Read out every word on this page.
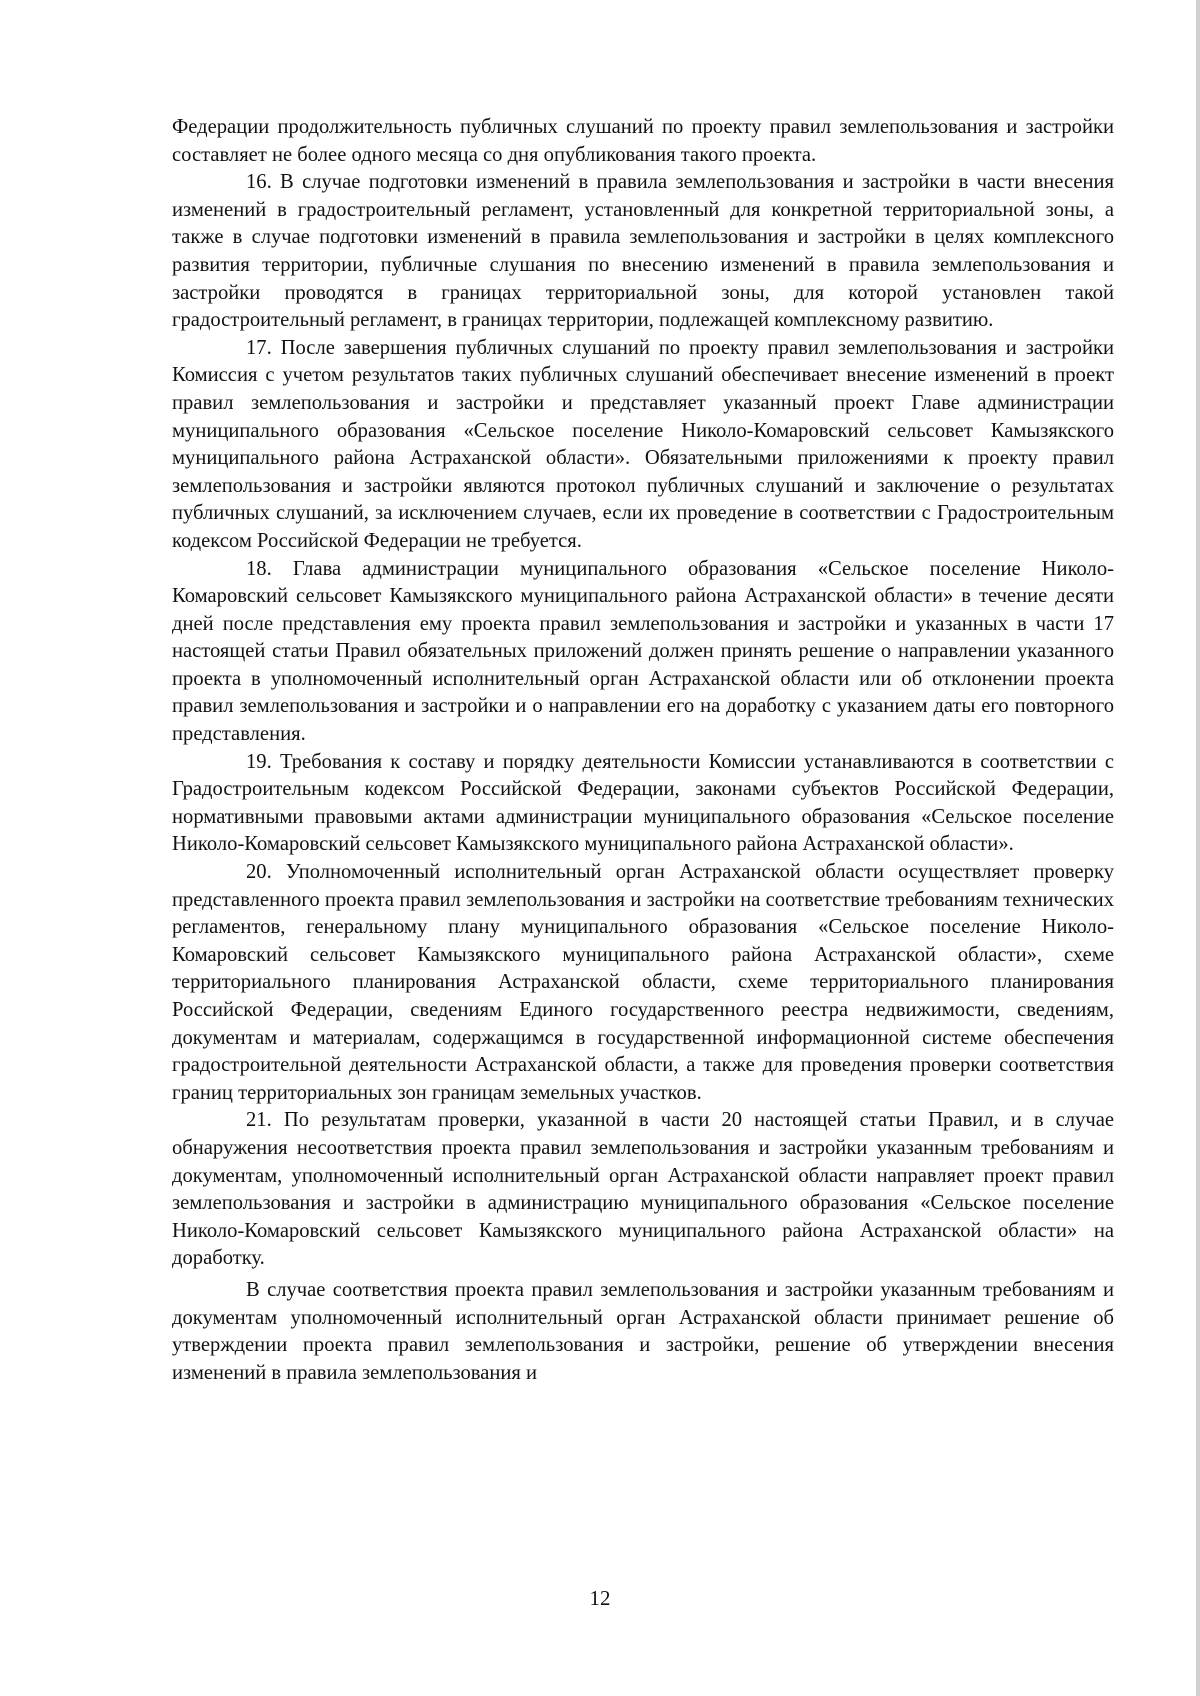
Федерации продолжительность публичных слушаний по проекту правил землепользования и застройки составляет не более одного месяца со дня опубликования такого проекта.

16. В случае подготовки изменений в правила землепользования и застройки в части внесения изменений в градостроительный регламент, установленный для конкретной территориальной зоны, а также в случае подготовки изменений в правила землепользования и застройки в целях комплексного развития территории, публичные слушания по внесению изменений в правила землепользования и застройки проводятся в границах территориальной зоны, для которой установлен такой градостроительный регламент, в границах территории, подлежащей комплексному развитию.

17. После завершения публичных слушаний по проекту правил землепользования и застройки Комиссия с учетом результатов таких публичных слушаний обеспечивает внесение изменений в проект правил землепользования и застройки и представляет указанный проект Главе администрации муниципального образования «Сельское поселение Николо-Комаровский сельсовет Камызякского муниципального района Астраханской области». Обязательными приложениями к проекту правил землепользования и застройки являются протокол публичных слушаний и заключение о результатах публичных слушаний, за исключением случаев, если их проведение в соответствии с Градостроительным кодексом Российской Федерации не требуется.

18. Глава администрации муниципального образования «Сельское поселение Николо-Комаровский сельсовет Камызякского муниципального района Астраханской области» в течение десяти дней после представления ему проекта правил землепользования и застройки и указанных в части 17 настоящей статьи Правил обязательных приложений должен принять решение о направлении указанного проекта в уполномоченный исполнительный орган Астраханской области или об отклонении проекта правил землепользования и застройки и о направлении его на доработку с указанием даты его повторного представления.

19. Требования к составу и порядку деятельности Комиссии устанавливаются в соответствии с Градостроительным кодексом Российской Федерации, законами субъектов Российской Федерации, нормативными правовыми актами администрации муниципального образования «Сельское поселение Николо-Комаровский сельсовет Камызякского муниципального района Астраханской области».

20. Уполномоченный исполнительный орган Астраханской области осуществляет проверку представленного проекта правил землепользования и застройки на соответствие требованиям технических регламентов, генеральному плану муниципального образования «Сельское поселение Николо-Комаровский сельсовет Камызякского муниципального района Астраханской области», схеме территориального планирования Астраханской области, схеме территориального планирования Российской Федерации, сведениям Единого государственного реестра недвижимости, сведениям, документам и материалам, содержащимся в государственной информационной системе обеспечения градостроительной деятельности Астраханской области, а также для проведения проверки соответствия границ территориальных зон границам земельных участков.

21. По результатам проверки, указанной в части 20 настоящей статьи Правил, и в случае обнаружения несоответствия проекта правил землепользования и застройки указанным требованиям и документам, уполномоченный исполнительный орган Астраханской области направляет проект правил землепользования и застройки в администрацию муниципального образования «Сельское поселение Николо-Комаровский сельсовет Камызякского муниципального района Астраханской области» на доработку.

В случае соответствия проекта правил землепользования и застройки указанным требованиям и документам уполномоченный исполнительный орган Астраханской области принимает решение об утверждении проекта правил землепользования и застройки, решение об утверждении внесения изменений в правила землепользования и

12
